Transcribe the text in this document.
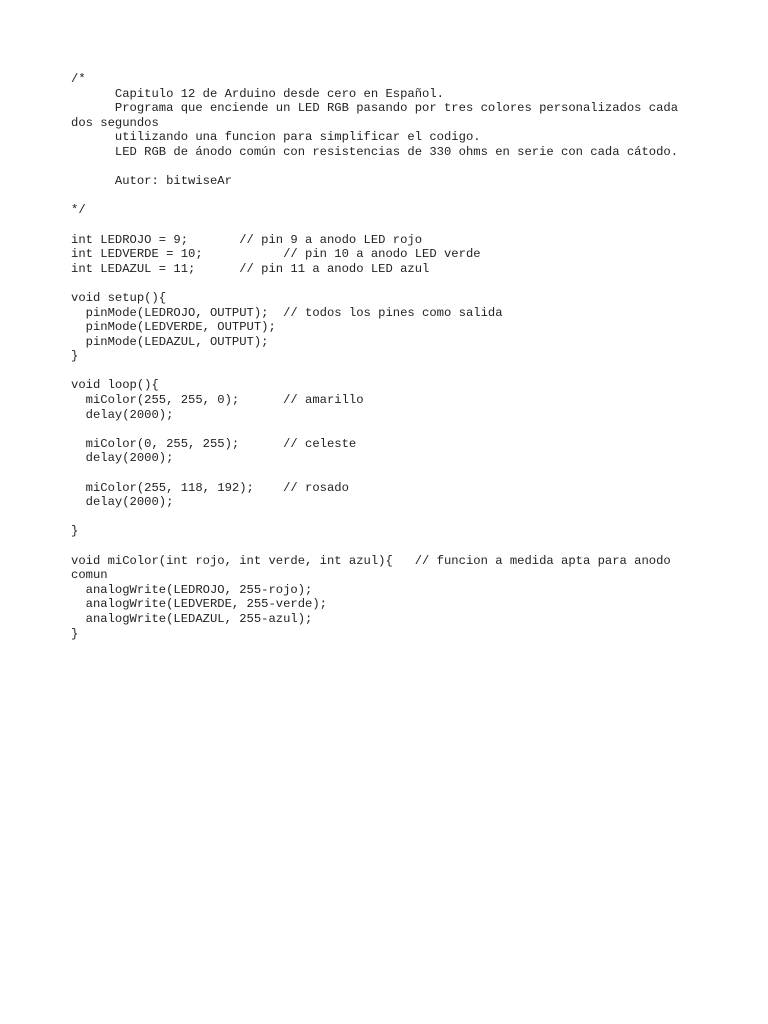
/*
Capitulo 12 de Arduino desde cero en Español.
Programa que enciende un LED RGB pasando por tres colores personalizados cada
dos segundos
utilizando una funcion para simplificar el codigo.
LED RGB de ánodo común con resistencias de 330 ohms en serie con cada cátodo.
Autor: bitwiseAr
*/
int LEDROJO = 9;       // pin 9 a anodo LED rojo
int LEDVERDE = 10;           // pin 10 a anodo LED verde
int LEDAZUL = 11;      // pin 11 a anodo LED azul
void setup(){
pinMode(LEDROJO, OUTPUT);  // todos los pines como salida
pinMode(LEDVERDE, OUTPUT);
pinMode(LEDAZUL, OUTPUT);
}
void loop(){
miColor(255, 255, 0);      // amarillo
delay(2000);
miColor(0, 255, 255);      // celeste
delay(2000);
miColor(255, 118, 192);    // rosado
delay(2000);
}
void miColor(int rojo, int verde, int azul){   // funcion a medida apta para anodo
comun
analogWrite(LEDROJO, 255-rojo);
analogWrite(LEDVERDE, 255-verde);
analogWrite(LEDAZUL, 255-azul);
}
